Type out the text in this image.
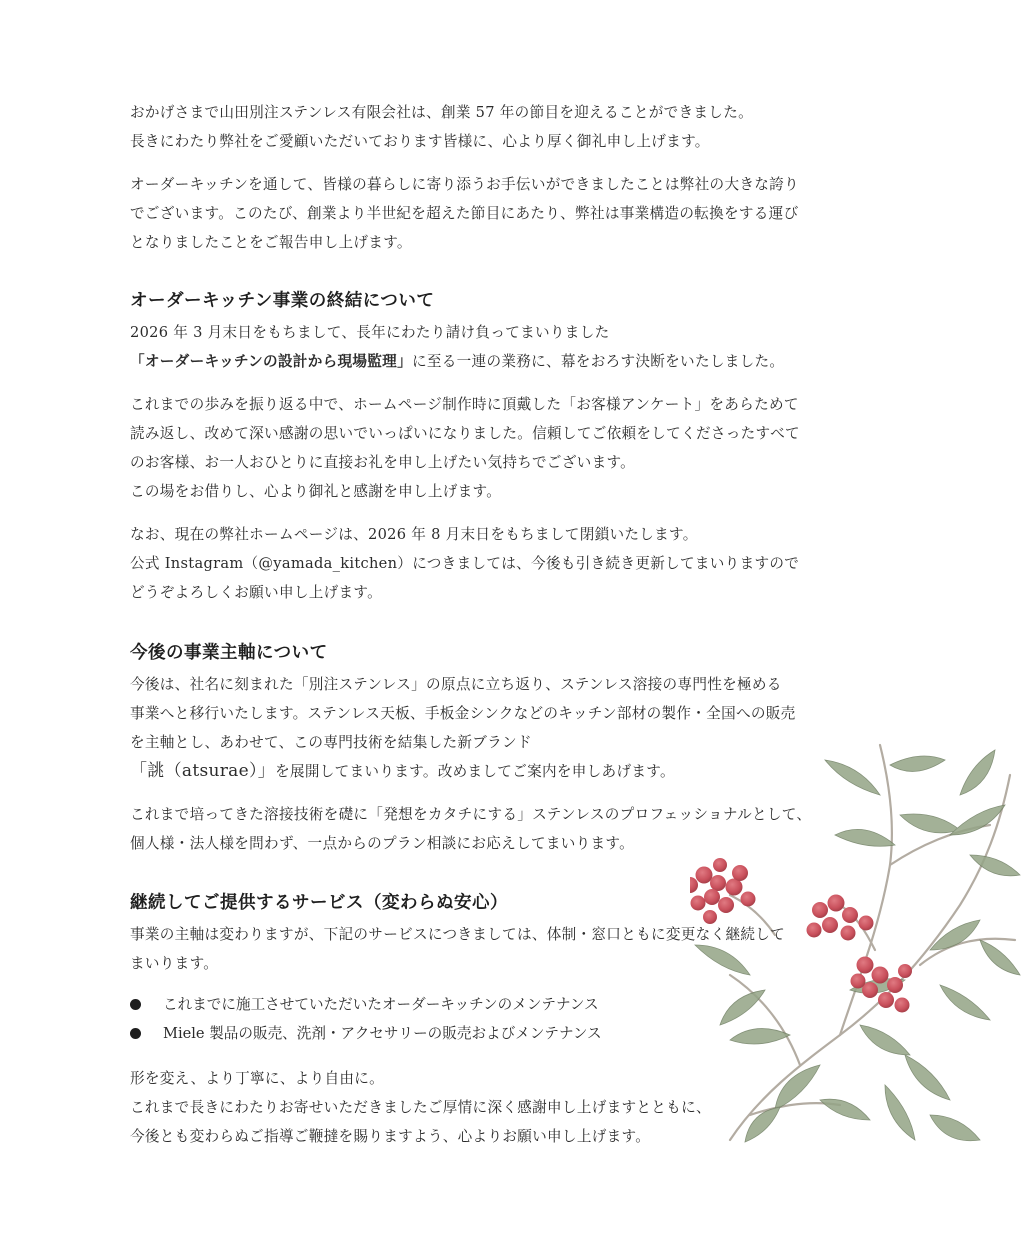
おかげさまで山田別注ステンレス有限会社は、創業 57 年の節目を迎えることができました。
長きにわたり弊社をご愛顧いただいております皆様に、心より厚く御礼申し上げます。

オーダーキッチンを通して、皆様の暮らしに寄り添うお手伝いができましたことは弊社の大きな誇り
でございます。このたび、創業より半世紀を超えた節目にあたり、弊社は事業構造の転換をする運び
となりましたことをご報告申し上げます。

オーダーキッチン事業の終結について

2026 年 3 月末日をもちまして、長年にわたり請け負ってまいりました
「オーダーキッチンの設計から現場監理」に至る一連の業務に、幕をおろす決断をいたしました。

これまでの歩みを振り返る中で、ホームページ制作時に頂戴した「お客様アンケート」をあらためて
読み返し、改めて深い感謝の思いでいっぱいになりました。信頼してご依頼をしてくださったすべて
のお客様、お一人おひとりに直接お礼を申し上げたい気持ちでございます。
この場をお借りし、心より御礼と感謝を申し上げます。

なお、現在の弊社ホームページは、2026 年 8 月末日をもちまして閉鎖いたします。
公式 Instagram（@yamada_kitchen）につきましては、今後も引き続き更新してまいりますので
どうぞよろしくお願い申し上げます。

今後の事業主軸について

今後は、社名に刻まれた「別注ステンレス」の原点に立ち返り、ステンレス溶接の専門性を極める
事業へと移行いたします。ステンレス天板、手板金シンクなどのキッチン部材の製作・全国への販売
を主軸とし、あわせて、この専門技術を結集した新ブランド
「誂（atsurae）」を展開してまいります。改めましてご案内を申しあげます。

これまで培ってきた溶接技術を礎に「発想をカタチにする」ステンレスのプロフェッショナルとして、
個人様・法人様を問わず、一点からのプラン相談にお応えしてまいります。

継続してご提供するサービス（変わらぬ安心）

事業の主軸は変わりますが、下記のサービスにつきましては、体制・窓口ともに変更なく継続して
まいります。

これまでに施工させていただいたオーダーキッチンのメンテナンス
Miele 製品の販売、洗剤・アクセサリーの販売およびメンテナンス

形を変え、より丁寧に、より自由に。
これまで長きにわたりお寄せいただきましたご厚情に深く感謝申し上げますとともに、
今後とも変わらぬご指導ご鞭撻を賜りますよう、心よりお願い申し上げます。
